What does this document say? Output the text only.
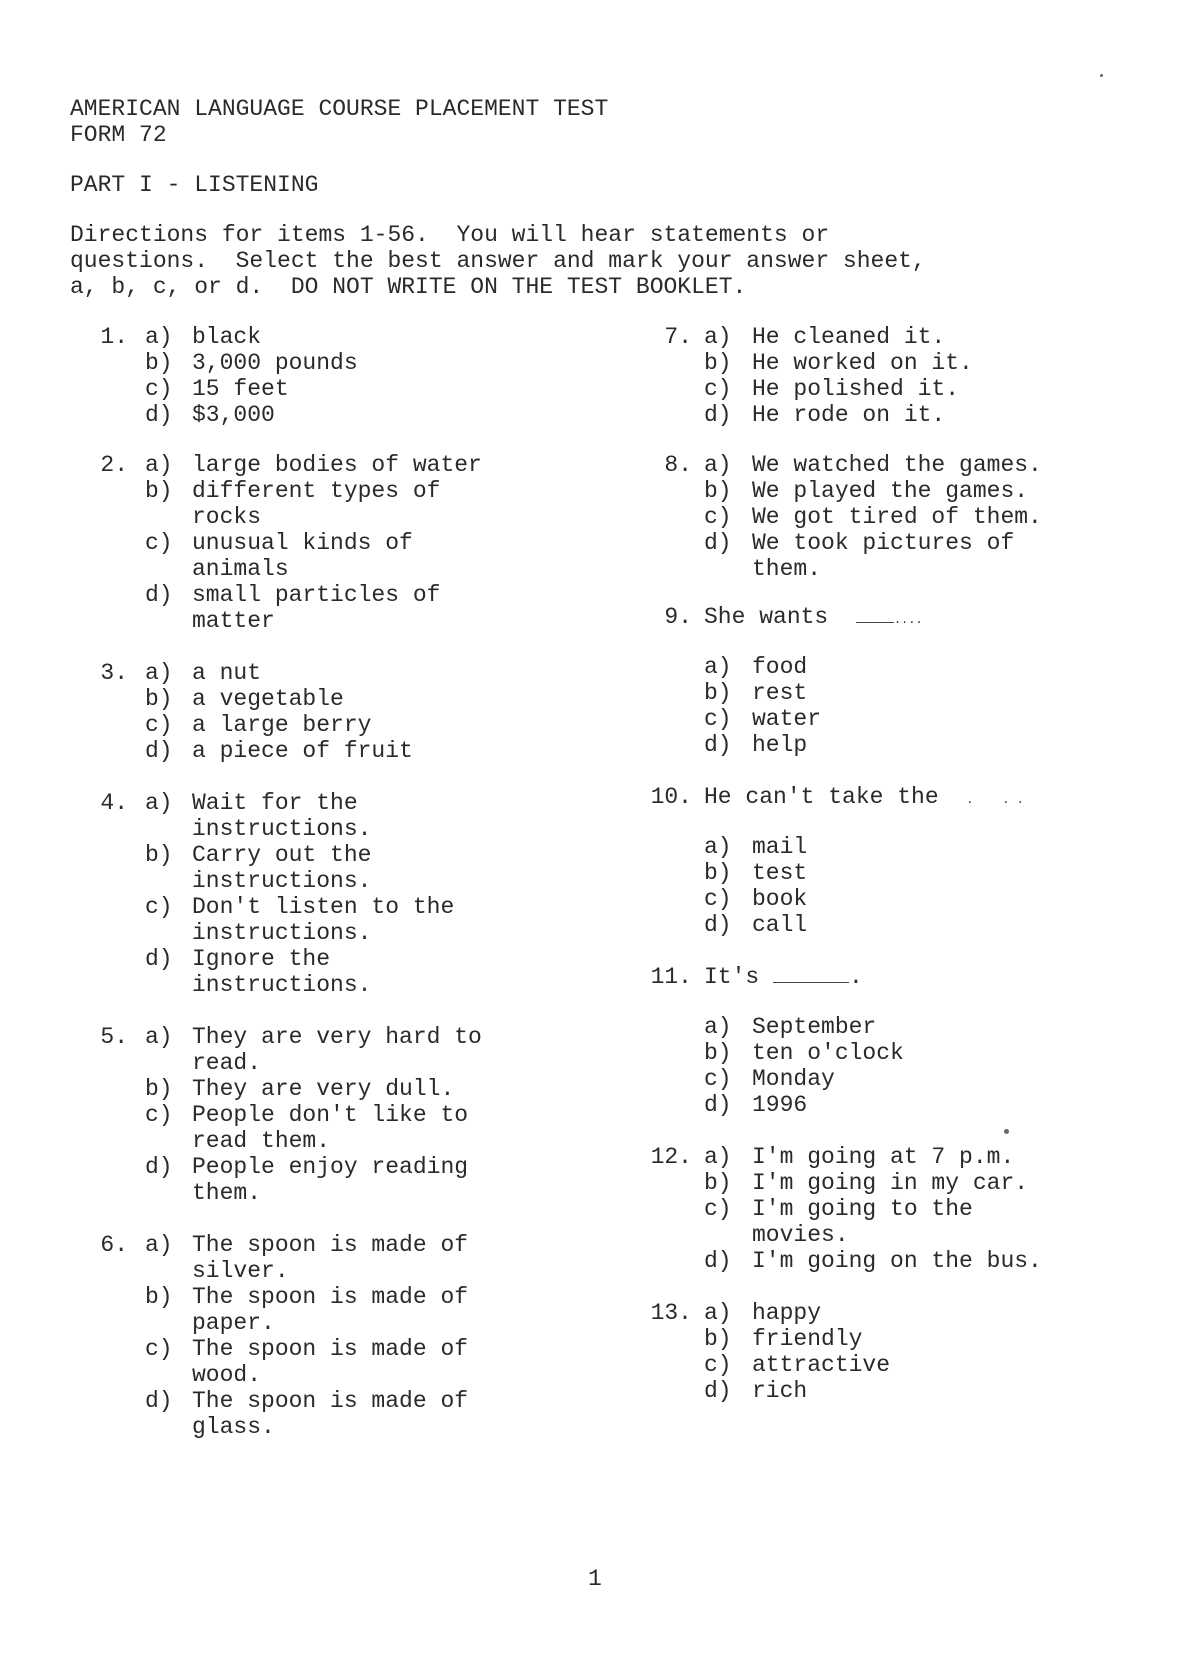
AMERICAN LANGUAGE COURSE PLACEMENT TEST
FORM 72
PART I - LISTENING
Directions for items 1-56.  You will hear statements or
questions.  Select the best answer and mark your answer sheet,
a, b, c, or d.  DO NOT WRITE ON THE TEST BOOKLET.
1. a) black
b) 3,000 pounds
c) 15 feet
d) $3,000
2. a) large bodies of water
b) different types of
rocks
c) unusual kinds of
animals
d) small particles of
matter
3. a) a nut
b) a vegetable
c) a large berry
d) a piece of fruit
4. a) Wait for the
instructions.
b) Carry out the
instructions.
c) Don't listen to the
instructions.
d) Ignore the
instructions.
5. a) They are very hard to
read.
b) They are very dull.
c) People don't like to
read them.
d) People enjoy reading
them.
6. a) The spoon is made of
silver.
b) The spoon is made of
paper.
c) The spoon is made of
wood.
d) The spoon is made of
glass.
7. a) He cleaned it.
b) He worked on it.
c) He polished it.
d) He rode on it.
8. a) We watched the games.
b) We played the games.
c) We got tired of them.
d) We took pictures of
them.
9. She wants	....
a) food
b) rest
c) water
d) help
10. He can't take the .    . .
a) mail
b) test
c) book
d) call
11. It's	.
a) September
b) ten o'clock
c) Monday
d) 1996
12. a) I'm going at 7 p.m.
b) I'm going in my car.
c) I'm going to the
movies.
d) I'm going on the bus.
13. a) happy
b) friendly
c) attractive
d) rich
1
